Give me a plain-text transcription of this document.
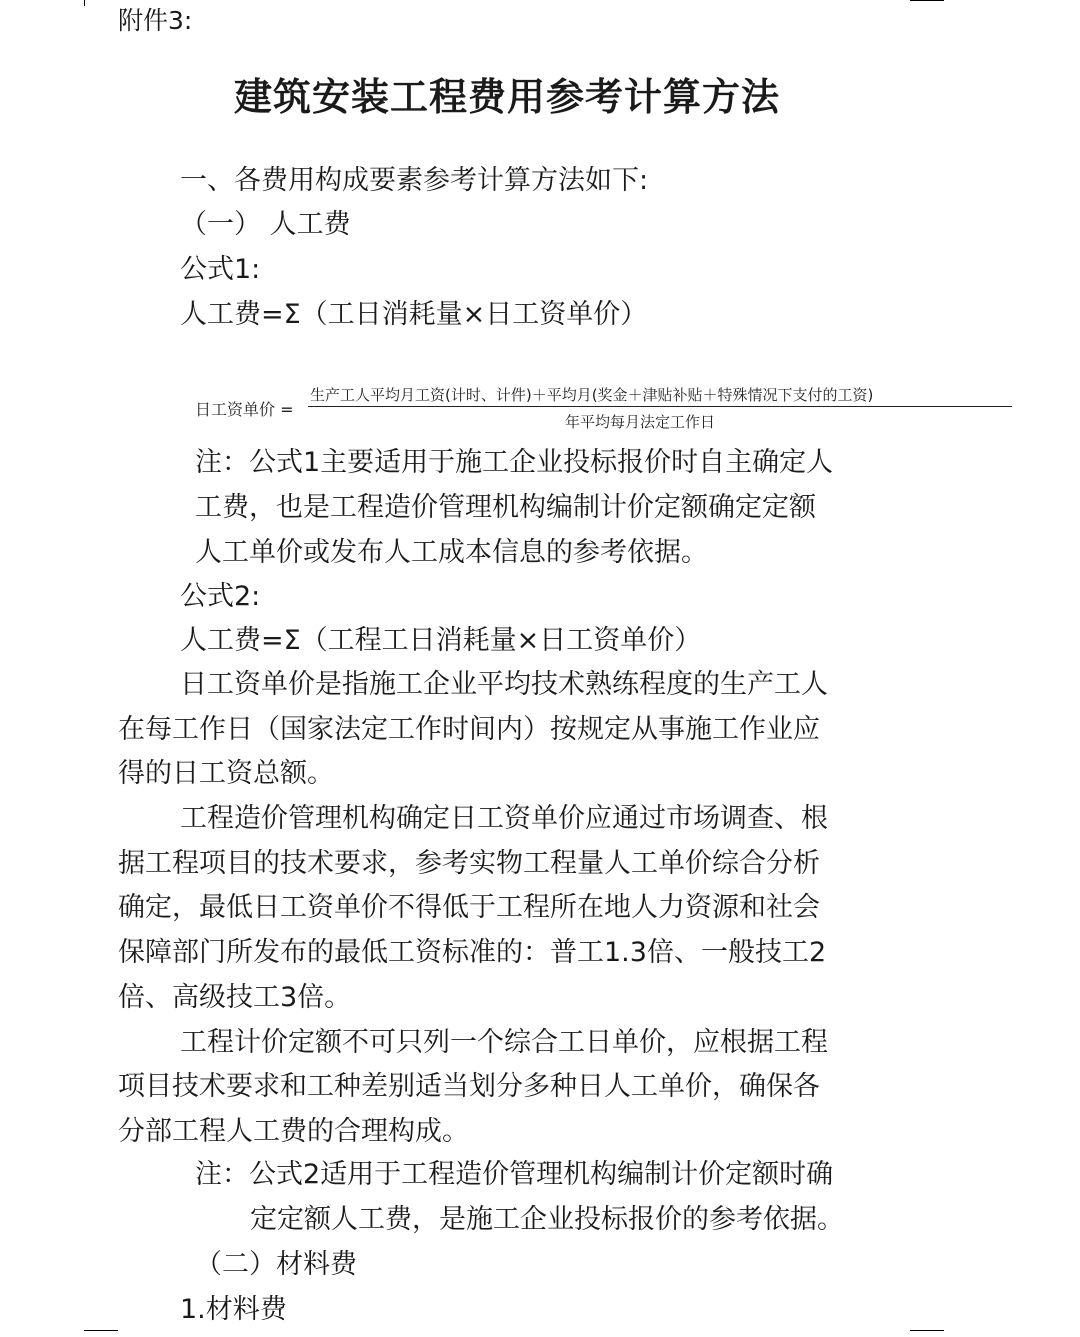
附件3:
建筑安装工程费用参考计算方法
一、各费用构成要素参考计算方法如下:
（一） 人工费
公式1:
人工费=Σ（工日消耗量×日工资单价）
日工资单价 =
生产工人平均月工资(计时、计件)＋平均月(奖金＋津贴补贴＋特殊情况下支付的工资)
年平均每月法定工作日
注：公式1主要适用于施工企业投标报价时自主确定人
工费，也是工程造价管理机构编制计价定额确定定额
人工单价或发布人工成本信息的参考依据。
公式2:
人工费=Σ（工程工日消耗量×日工资单价）
日工资单价是指施工企业平均技术熟练程度的生产工人
在每工作日（国家法定工作时间内）按规定从事施工作业应
得的日工资总额。
工程造价管理机构确定日工资单价应通过市场调查、根
据工程项目的技术要求，参考实物工程量人工单价综合分析
确定，最低日工资单价不得低于工程所在地人力资源和社会
保障部门所发布的最低工资标准的：普工1.3倍、一般技工2
倍、高级技工3倍。
工程计价定额不可只列一个综合工日单价，应根据工程
项目技术要求和工种差别适当划分多种日人工单价，确保各
分部工程人工费的合理构成。
注：公式2适用于工程造价管理机构编制计价定额时确
定定额人工费，是施工企业投标报价的参考依据。
（二）材料费
1.材料费
